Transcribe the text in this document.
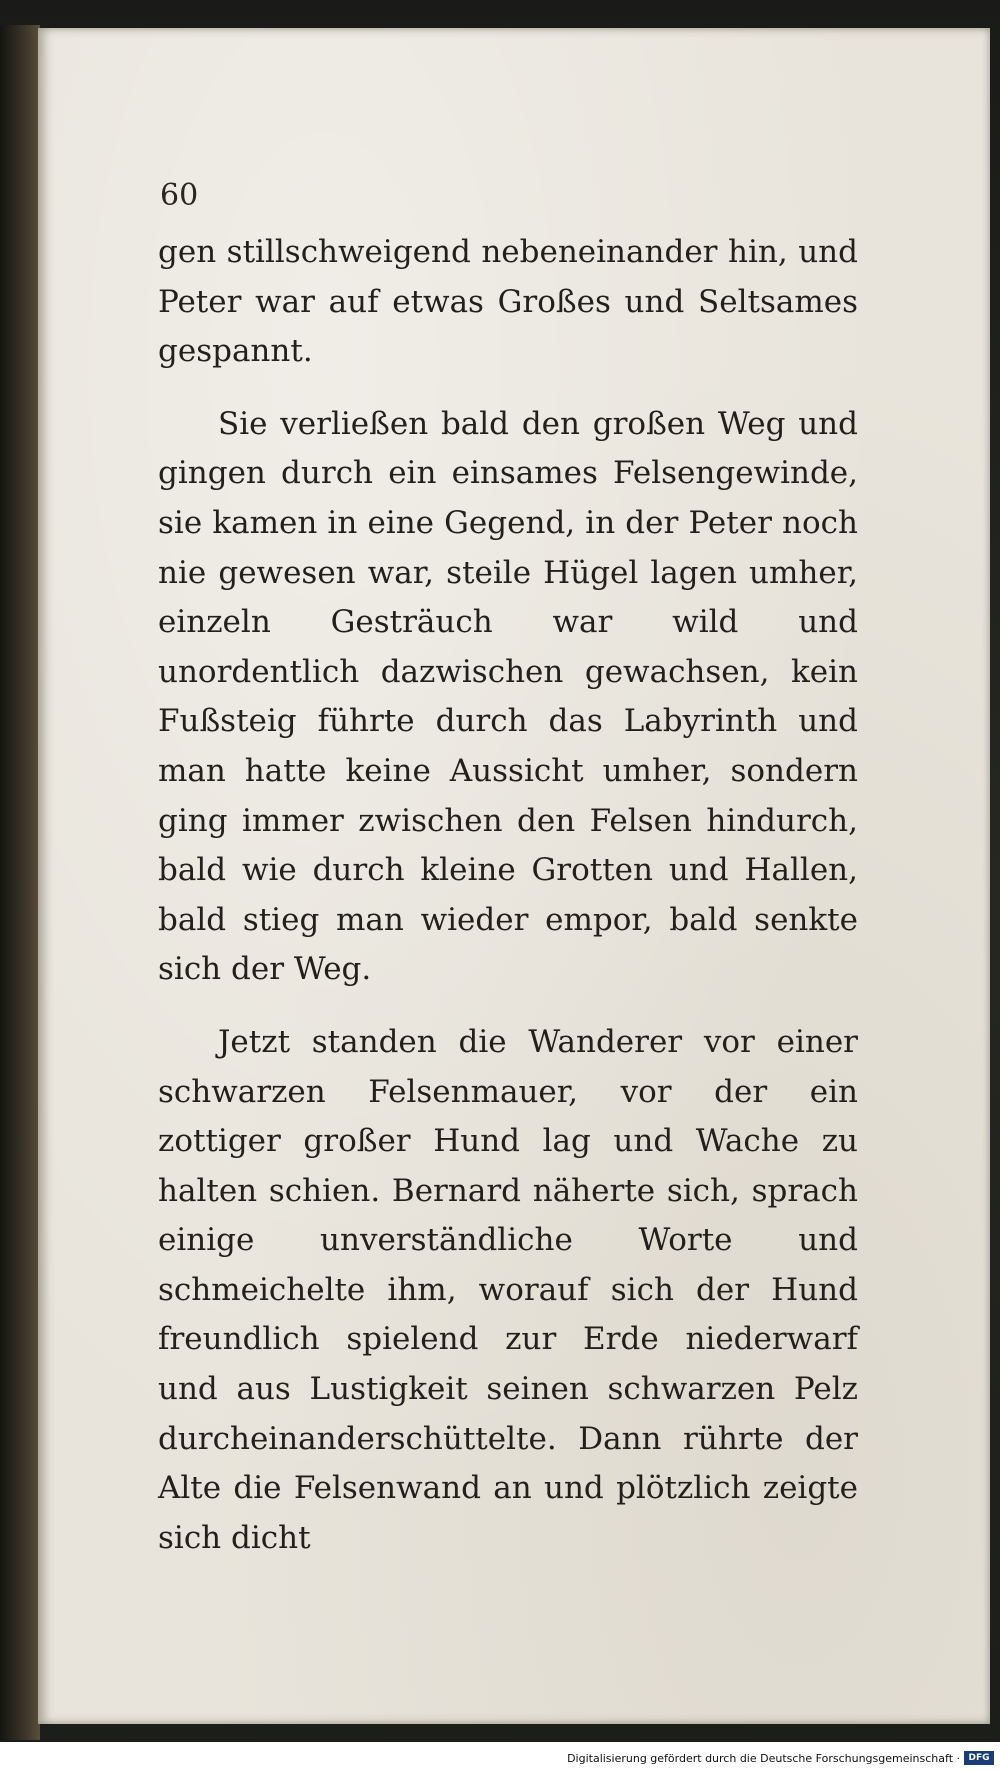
60

gen stillschweigend nebeneinander hin, und Peter war auf etwas Großes und Seltsames gespannt.

Sie verließen bald den großen Weg und gingen durch ein einsames Felsengewinde, sie kamen in eine Gegend, in der Peter noch nie gewesen war, steile Hügel lagen umher, einzeln Gesträuch war wild und unordentlich dazwischen gewachsen, kein Fußsteig führte durch das Labyrinth und man hatte keine Aussicht umher, sondern ging immer zwischen den Felsen hindurch, bald wie durch kleine Grotten und Hallen, bald stieg man wieder empor, bald senkte sich der Weg.

Jetzt standen die Wanderer vor einer schwarzen Felsenmauer, vor der ein zottiger großer Hund lag und Wache zu halten schien. Bernard näherte sich, sprach einige unverständliche Worte und schmeichelte ihm, worauf sich der Hund freundlich spielend zur Erde niederwarf und aus Lustigkeit seinen schwarzen Pelz durcheinanderschüttelte. Dann rührte der Alte die Felsenwand an und plötzlich zeigte sich dicht

Digitalisierung gefördert durch die Deutsche Forschungsgemeinschaft · DFG
